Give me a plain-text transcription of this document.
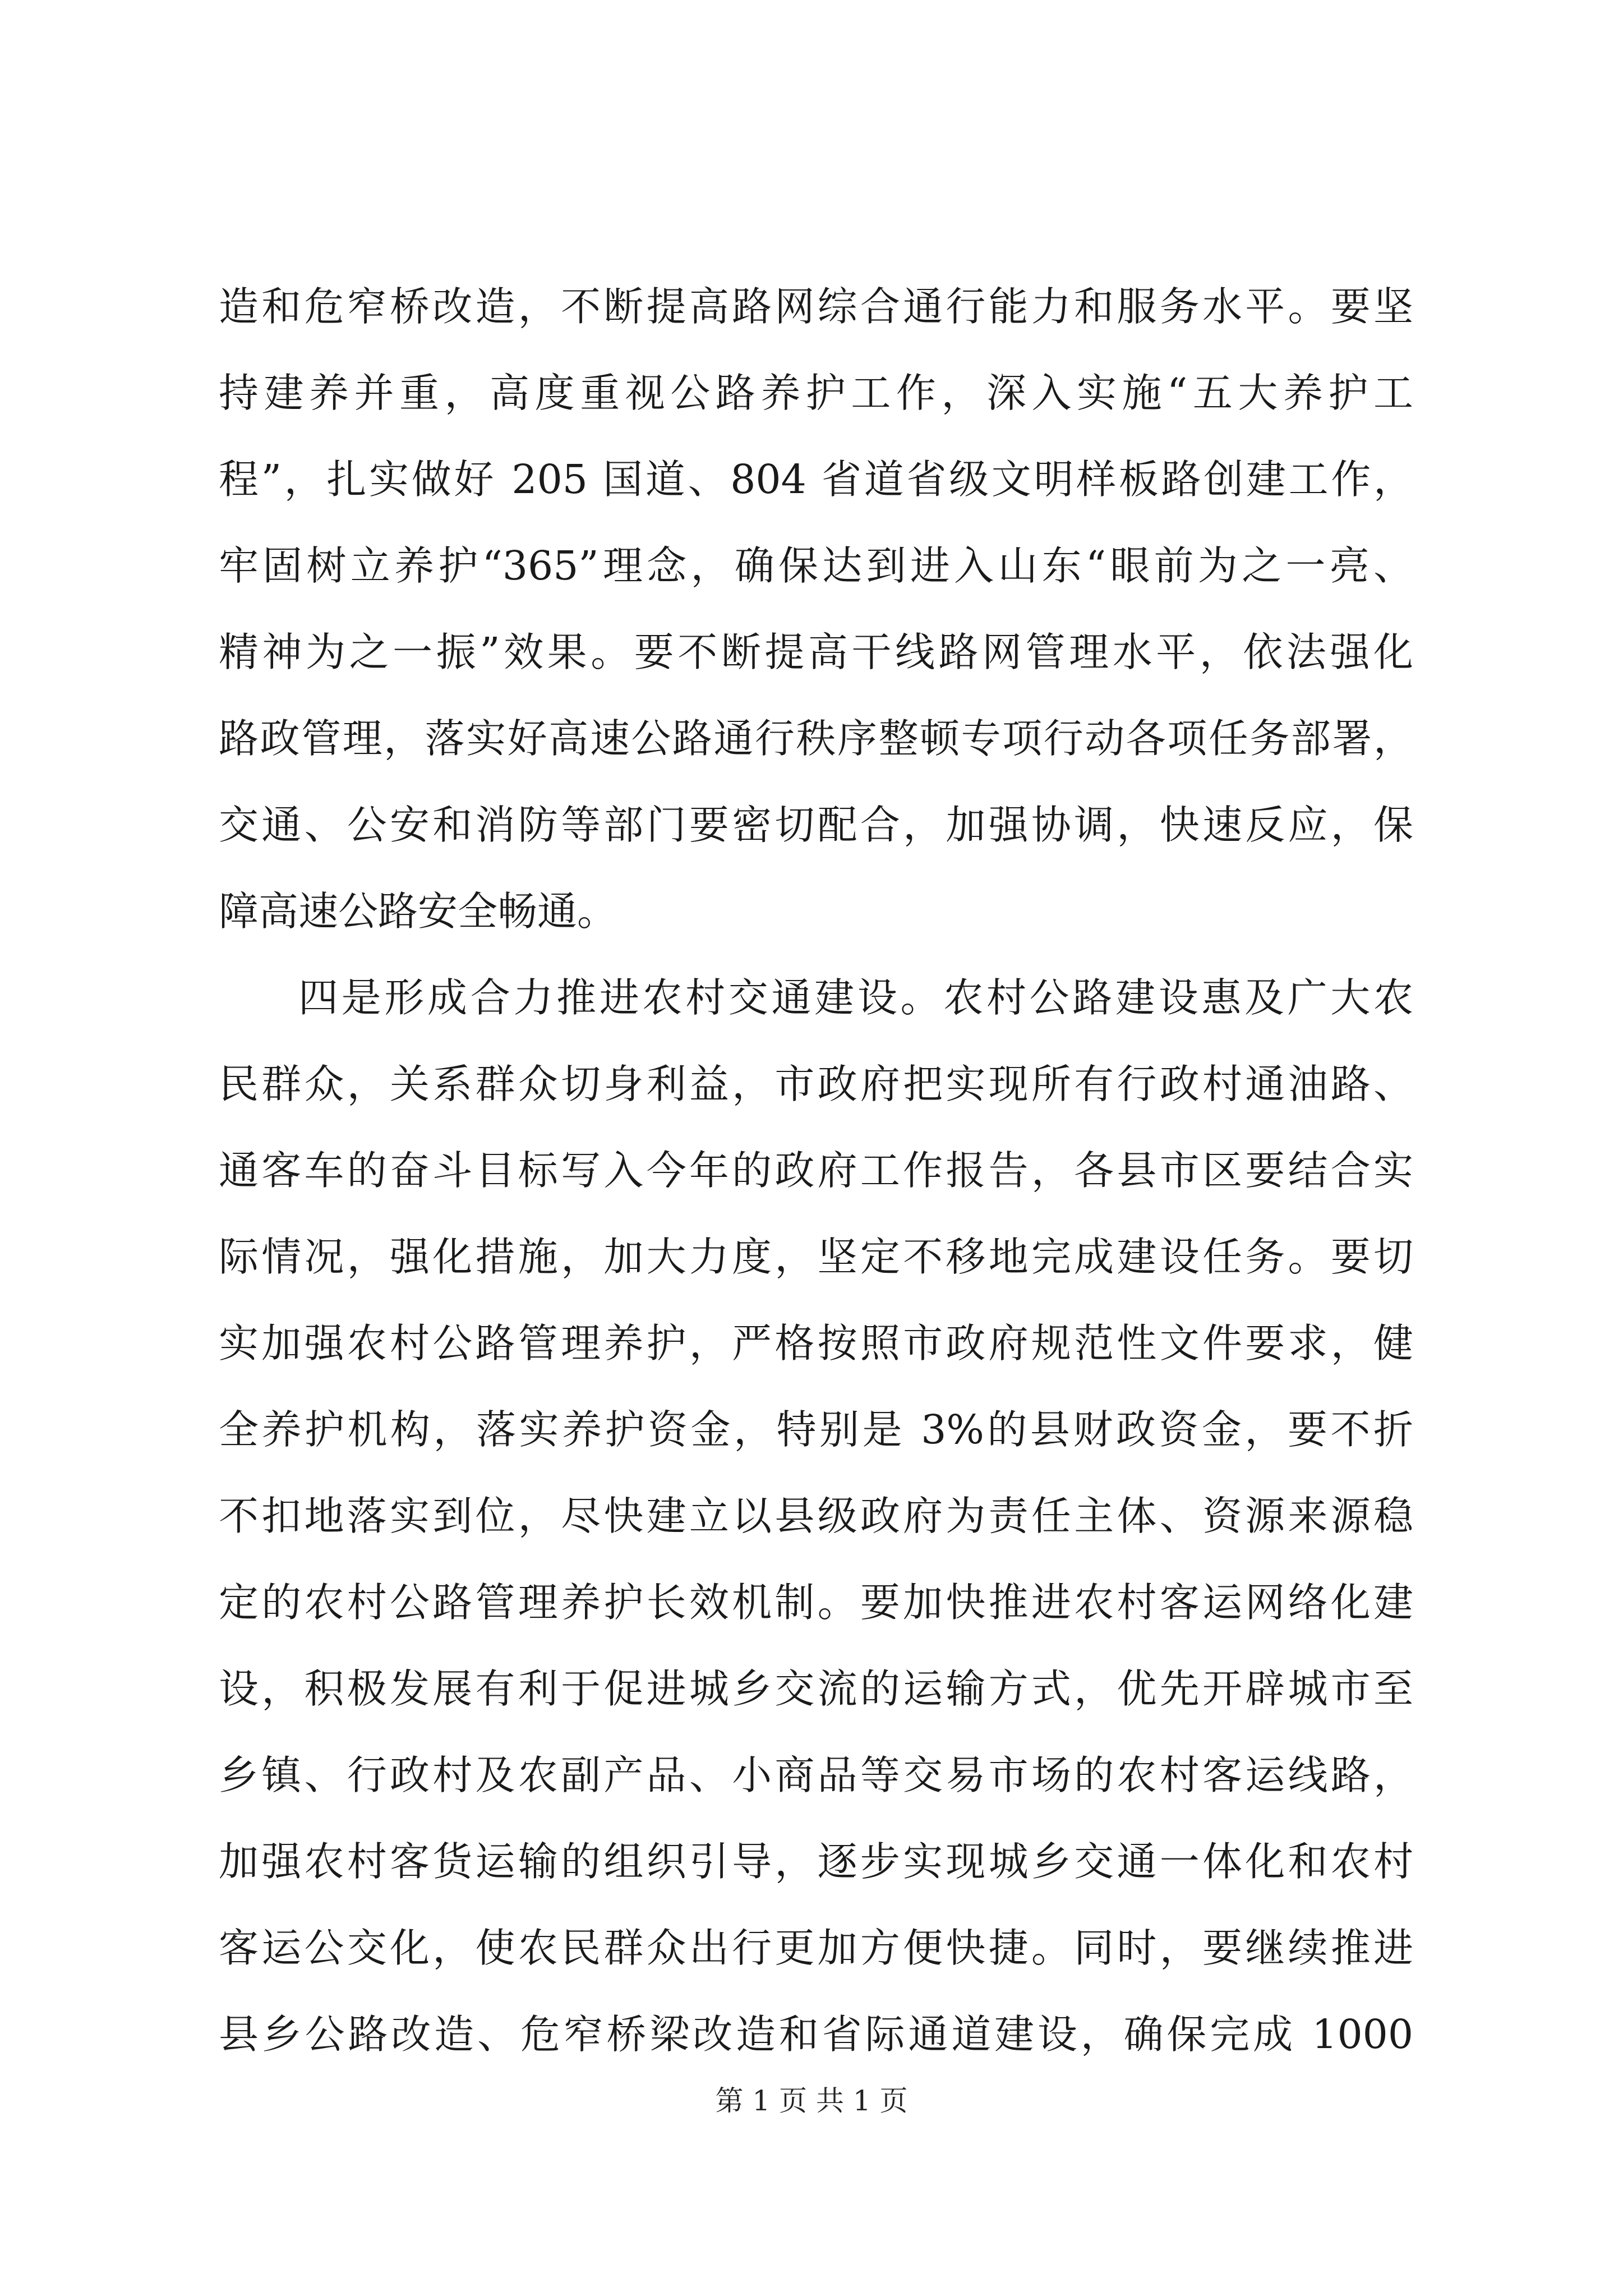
造和危窄桥改造，不断提高路网综合通行能力和服务水平。要坚
持建养并重，高度重视公路养护工作，深入实施“五大养护工
程”，扎实做好 205 国道、804 省道省级文明样板路创建工作，
牢固树立养护“365”理念，确保达到进入山东“眼前为之一亮、
精神为之一振”效果。要不断提高干线路网管理水平，依法强化
路政管理，落实好高速公路通行秩序整顿专项行动各项任务部署，
交通、公安和消防等部门要密切配合，加强协调，快速反应，保
障高速公路安全畅通。
四是形成合力推进农村交通建设。农村公路建设惠及广大农
民群众，关系群众切身利益，市政府把实现所有行政村通油路、
通客车的奋斗目标写入今年的政府工作报告，各县市区要结合实
际情况，强化措施，加大力度，坚定不移地完成建设任务。要切
实加强农村公路管理养护，严格按照市政府规范性文件要求，健
全养护机构，落实养护资金，特别是 3%的县财政资金，要不折
不扣地落实到位，尽快建立以县级政府为责任主体、资源来源稳
定的农村公路管理养护长效机制。要加快推进农村客运网络化建
设，积极发展有利于促进城乡交流的运输方式，优先开辟城市至
乡镇、行政村及农副产品、小商品等交易市场的农村客运线路，
加强农村客货运输的组织引导，逐步实现城乡交通一体化和农村
客运公交化，使农民群众出行更加方便快捷。同时，要继续推进
县乡公路改造、危窄桥梁改造和省际通道建设，确保完成 1000
第 1 页 共 1 页
